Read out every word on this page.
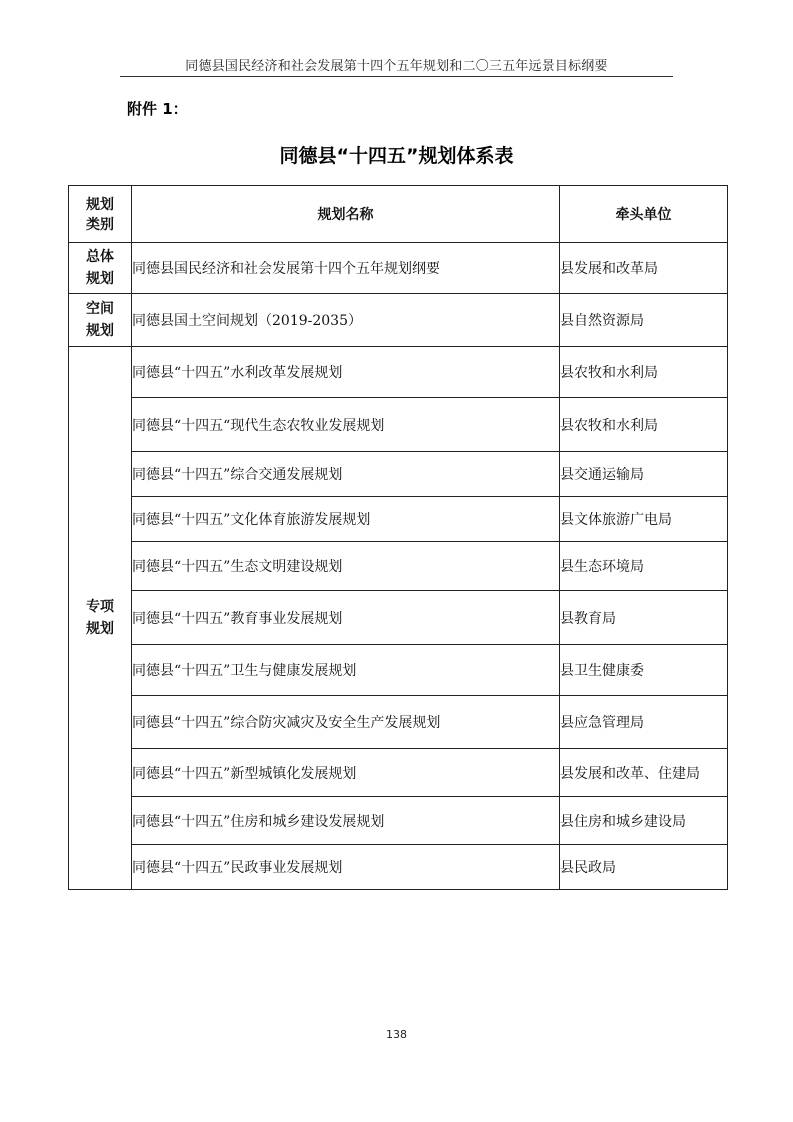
同德县国民经济和社会发展第十四个五年规划和二〇三五年远景目标纲要
附件 1：
同德县“十四五”规划体系表
规划类别	规划名称	牵头单位
总体规划	同德县国民经济和社会发展第十四个五年规划纲要	县发展和改革局
空间规划	同德县国土空间规划（2019-2035）	县自然资源局
专项规划	同德县“十四五”水利改革发展规划	县农牧和水利局
	同德县“十四五“现代生态农牧业发展规划	县农牧和水利局
	同德县“十四五”综合交通发展规划	县交通运输局
	同德县“十四五”文化体育旅游发展规划	县文体旅游广电局
	同德县“十四五”生态文明建设规划	县生态环境局
	同德县“十四五”教育事业发展规划	县教育局
	同德县“十四五”卫生与健康发展规划	县卫生健康委
	同德县“十四五”综合防灾减灾及安全生产发展规划	县应急管理局
	同德县“十四五”新型城镇化发展规划	县发展和改革、住建局
	同德县“十四五”住房和城乡建设发展规划	县住房和城乡建设局
	同德县“十四五”民政事业发展规划	县民政局
138
